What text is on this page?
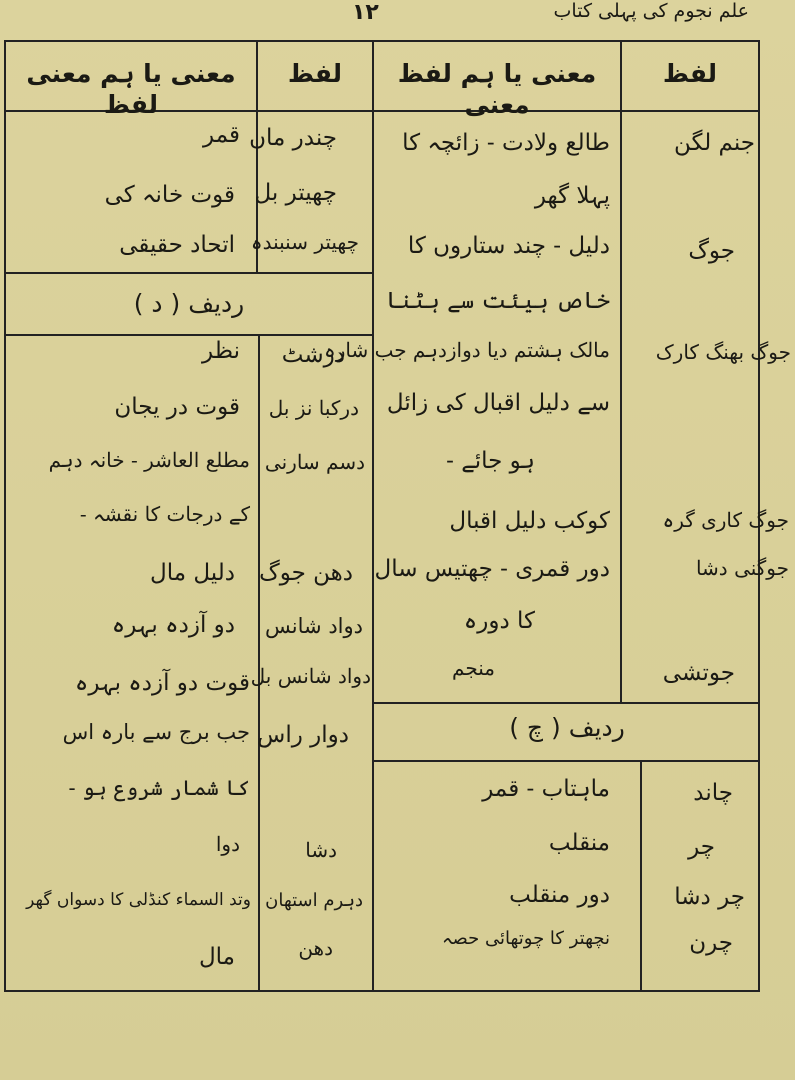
علم نجوم کی پہلی کتاب
۱۲
لفظ
معنی یا ہم لفظ معنی
لفظ
معنی یا ہم معنی لفظ
جنم لگن
طالع ولادت - زائچہ کا
پہلا گھر
جوگ
دلیل - چند ستاروں کا
خاص ہیئت سے ہٹنا
جوگ بھنگ کارک
مالک ہشتم دیا دوازدہم جب شارہ
سے دلیل اقبال کی زائل
ہو جائے -
جوگ کاری گرہ
کوکب دلیل اقبال
جوگنی دشا
دور قمری - چھتیس سال
کا دورہ
جوتشی
منجم
ردیف ( چ )
چاند
ماہتاب - قمر
چر
منقلب
چر دشا
دور منقلب
چرن
نچھتر کا چوتھائی حصہ
چندر ماں
قمر
چھیتر بل
قوت خانہ کی
چھیتر سنبندہ
اتحاد حقیقی
ردیف ( د )
درشٹ
نظر
درکبا نز بل
قوت در یجان
دسم سارنی
مطلع العاشر - خانہ دہم
کے درجات کا نقشہ -
دھن جوگ
دلیل مال
دواد شانس
دو آزدہ بہرہ
دواد شانس بل
قوت دو آزدہ بہرہ
دوار راس
جب برج سے بارہ اس
کا شمار شروع ہو -
دشا
دوا
دہرم استھان
وتد السماء کنڈلی کا دسواں گھر
دھن
مال
